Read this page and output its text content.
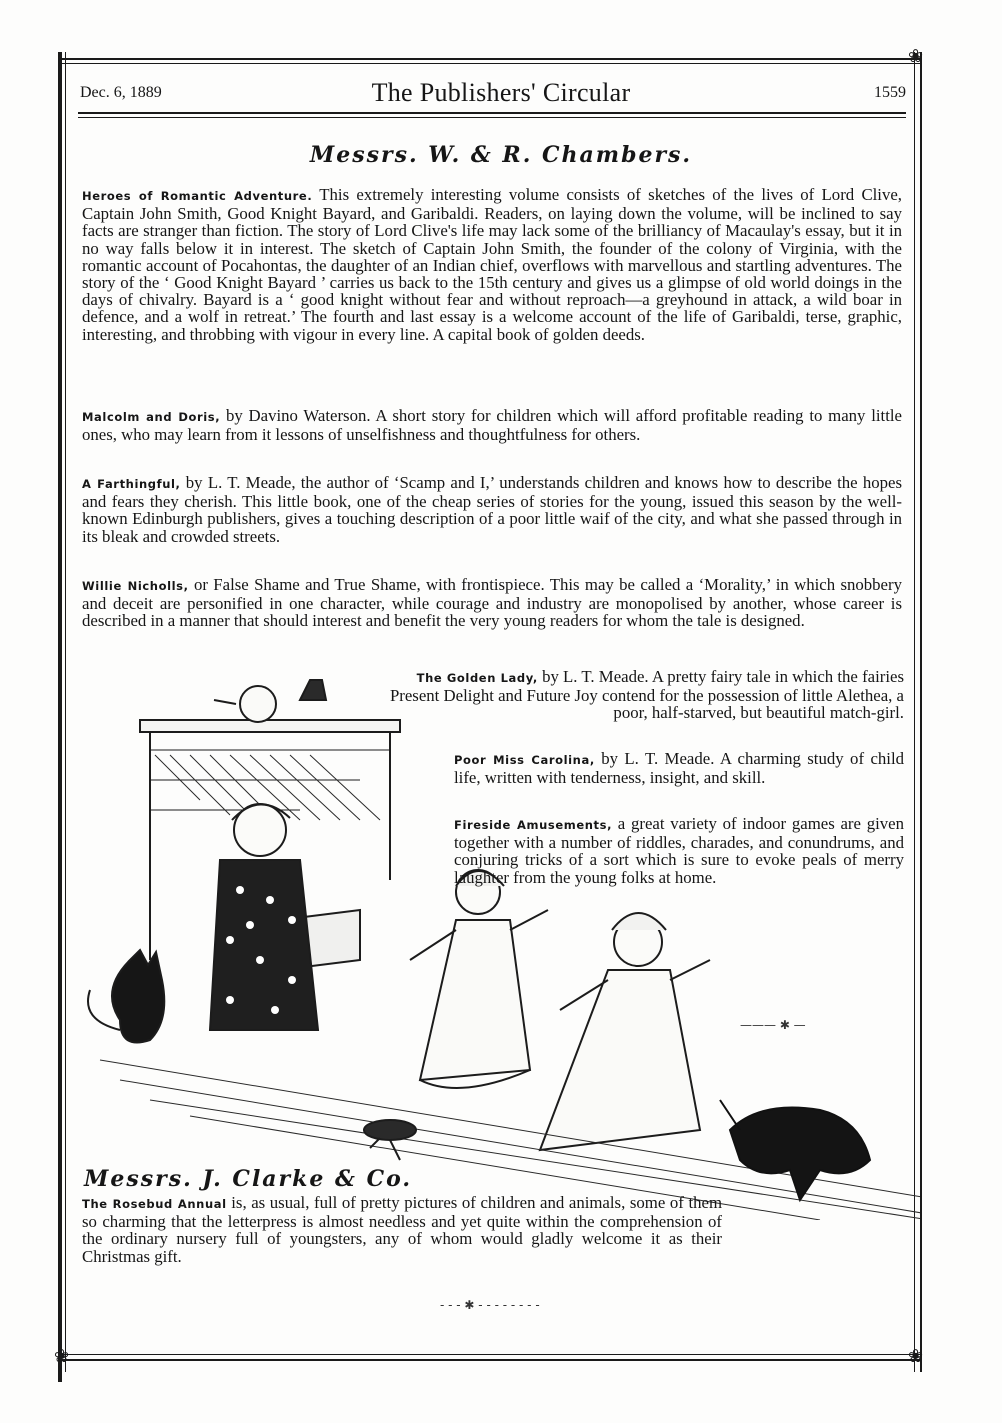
❀
❀
❀
Dec. 6, 1889	The Publishers' Circular	1559
Messrs. W. & R. Chambers.

Heroes of Romantic Adventure. This extremely interesting volume consists of sketches of the lives of Lord Clive, Captain John Smith, Good Knight Bayard, and Garibaldi. Readers, on laying down the volume, will be inclined to say facts are stranger than fiction. The story of Lord Clive's life may lack some of the brilliancy of Macaulay's essay, but it in no way falls below it in interest. The sketch of Captain John Smith, the founder of the colony of Virginia, with the romantic account of Pocahontas, the daughter of an Indian chief, overflows with marvellous and startling adventures. The story of the ‘ Good Knight Bayard ’ carries us back to the 15th century and gives us a glimpse of old world doings in the days of chivalry. Bayard is a ‘ good knight without fear and without reproach—a greyhound in attack, a wild boar in defence, and a wolf in retreat.’ The fourth and last essay is a welcome account of the life of Garibaldi, terse, graphic, interesting, and throbbing with vigour in every line. A capital book of golden deeds.

Malcolm and Doris, by Davino Waterson. A short story for children which will afford profitable reading to many little ones, who may learn from it lessons of unselfishness and thoughtfulness for others.

A Farthingful, by L. T. Meade, the author of ‘Scamp and I,’ understands children and knows how to describe the hopes and fears they cherish. This little book, one of the cheap series of stories for the young, issued this season by the well-known Edinburgh publishers, gives a touching description of a poor little waif of the city, and what she passed through in its bleak and crowded streets.

Willie Nicholls, or False Shame and True Shame, with frontispiece. This may be called a ‘Morality,’ in which snobbery and deceit are personified in one character, while courage and industry are monopolised by another, whose career is described in a manner that should interest and benefit the very young readers for whom the tale is designed.

The Golden Lady, by L. T. Meade. A pretty fairy tale in which the fairies Present Delight and Future Joy contend for the possession of little Alethea, a poor, half-starved, but beautiful match-girl.

Poor Miss Carolina, by L. T. Meade. A charming study of child life, written with tenderness, insight, and skill.

Fireside Amusements, a great variety of indoor games are given together with a number of riddles, charades, and conundrums, and conjuring tricks of a sort which is sure to evoke peals of merry laughter from the young folks at home.

——— ✱ —
Messrs. J. Clarke & Co.

The Rosebud Annual is, as usual, full of pretty pictures of children and animals, some of them so charming that the letterpress is almost needless and yet quite within the comprehension of the ordinary nursery full of youngsters, any of whom would gladly welcome it as their Christmas gift.

- - - ✱ - - - - - - - -
